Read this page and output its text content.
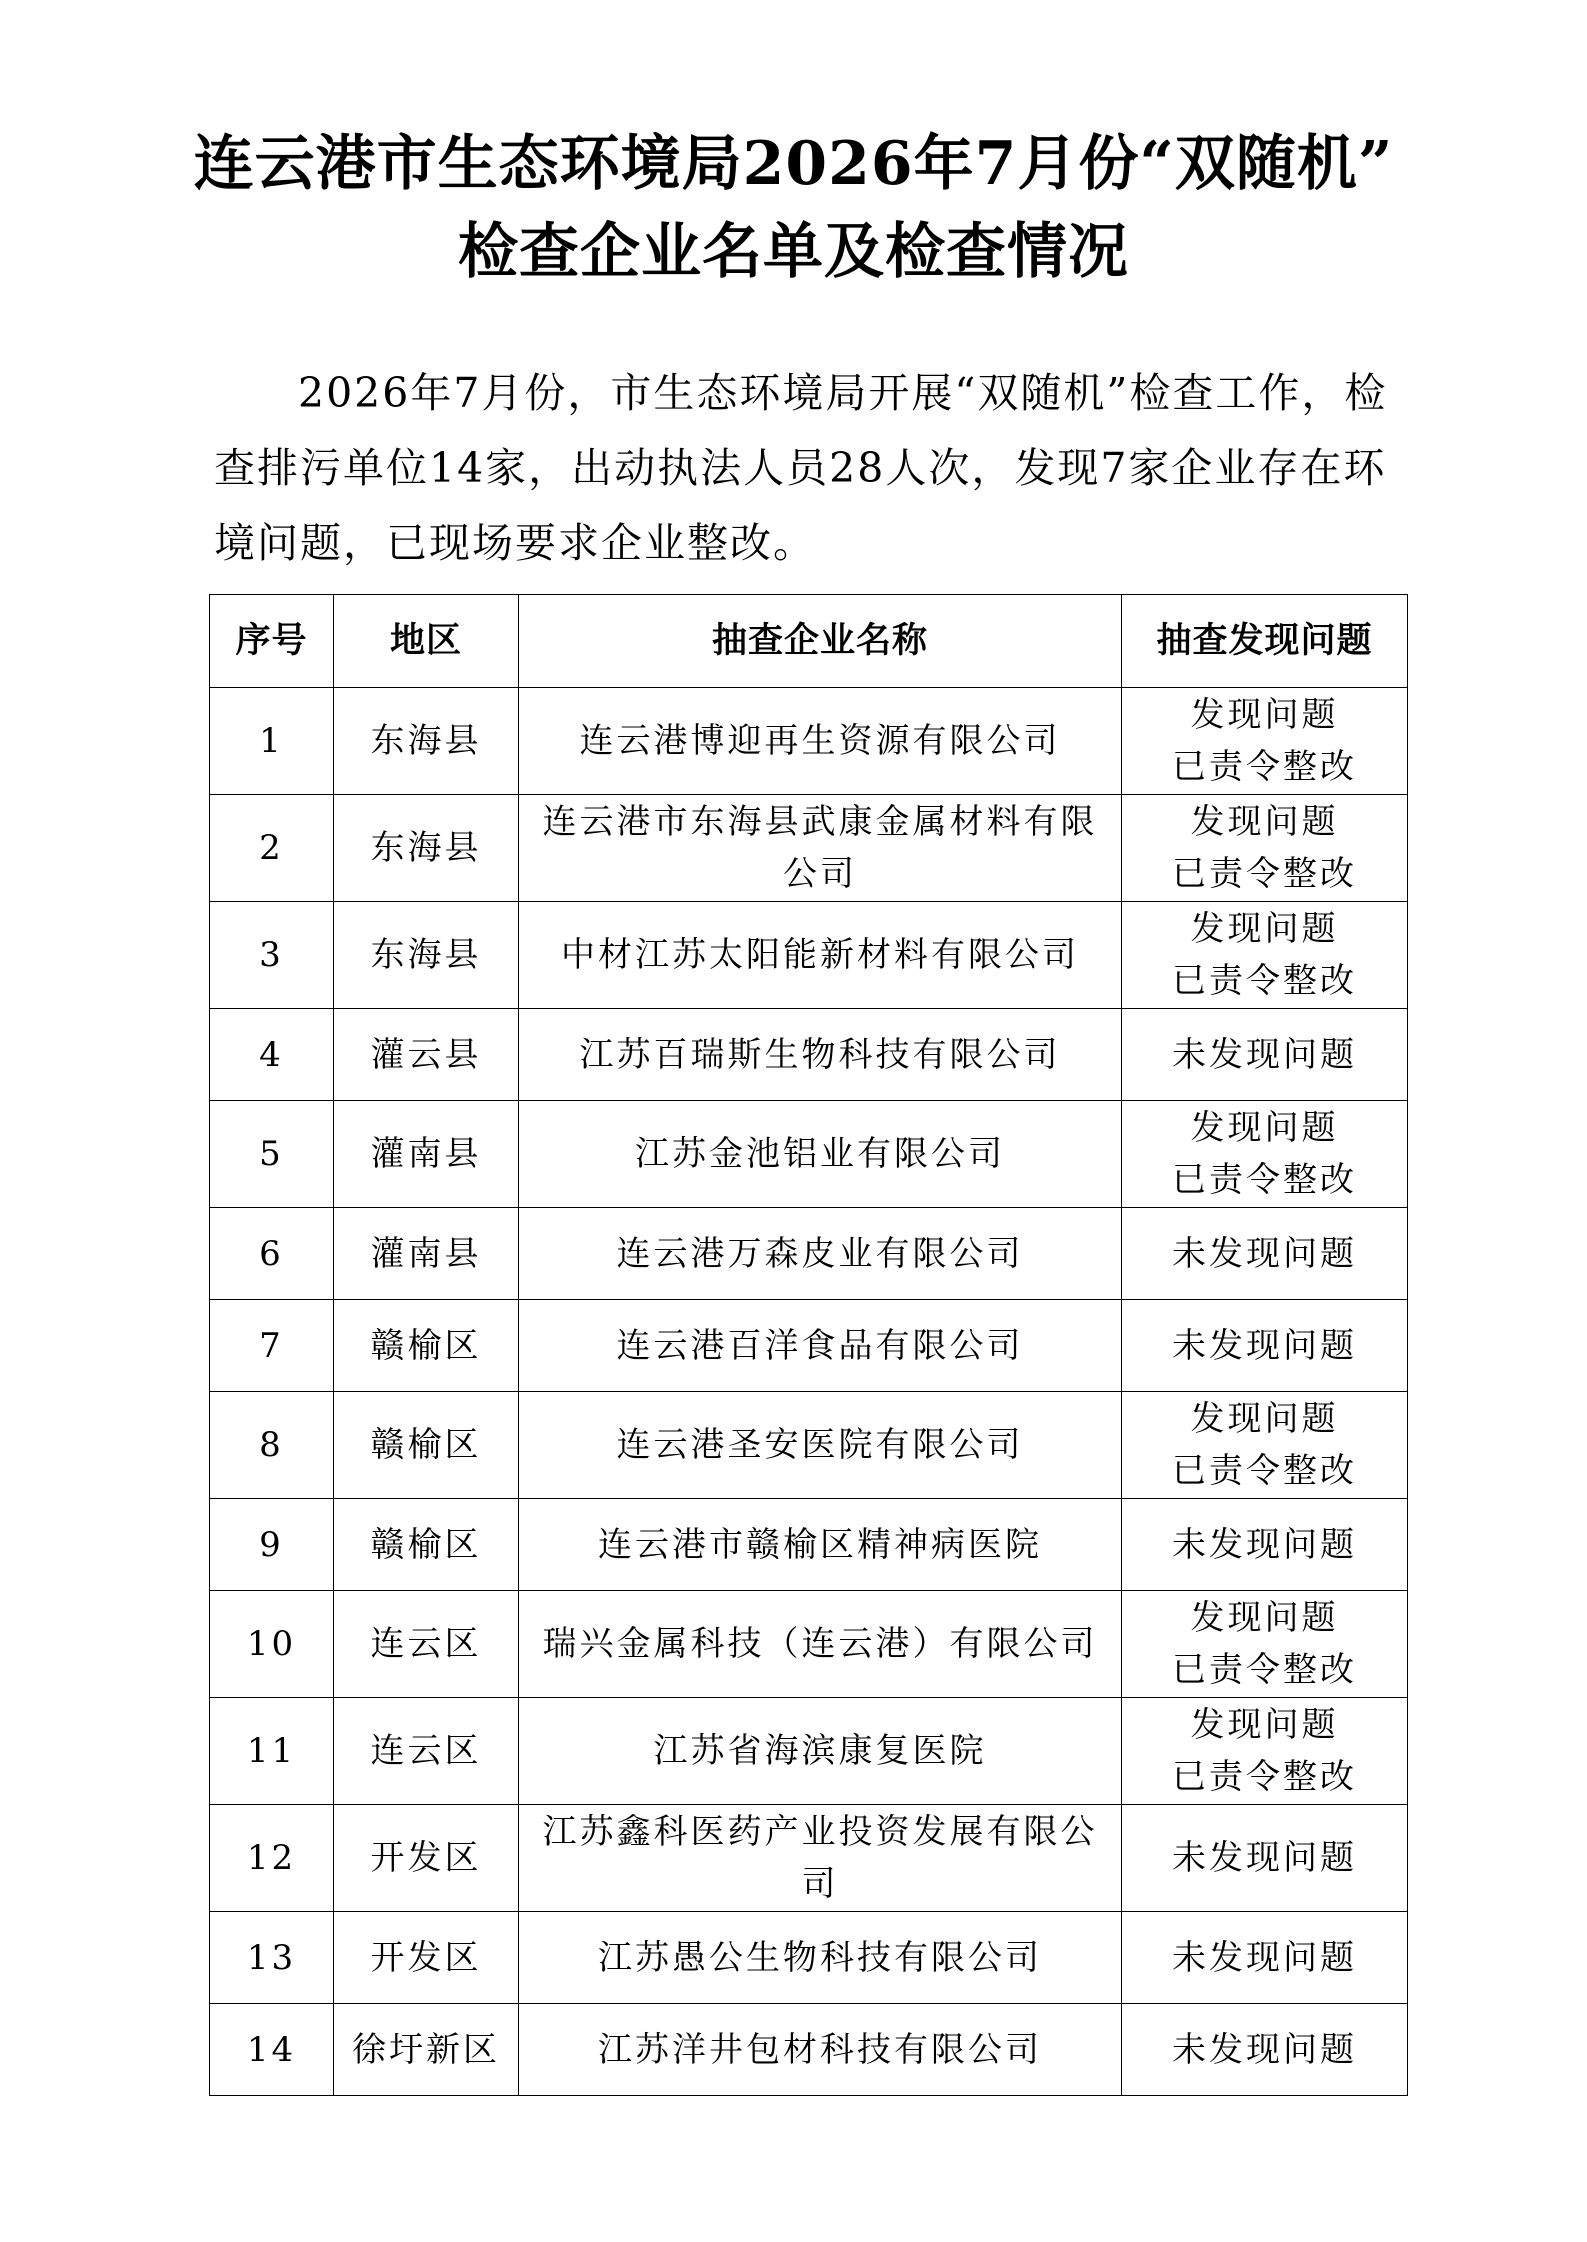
连云港市生态环境局2026年7月份“双随机”
检查企业名单及检查情况
2026年7月份，市生态环境局开展“双随机”检查工作，检查排污单位14家，出动执法人员28人次，发现7家企业存在环境问题，已现场要求企业整改。
序号	地区	抽查企业名称	抽查发现问题
1	东海县	连云港博迎再生资源有限公司	发现问题
已责令整改

2	东海县	连云港市东海县武康金属材料有限公司	发现问题
已责令整改

3	东海县	中材江苏太阳能新材料有限公司	发现问题
已责令整改

4	灌云县	江苏百瑞斯生物科技有限公司	未发现问题

5	灌南县	江苏金池铝业有限公司	发现问题
已责令整改

6	灌南县	连云港万森皮业有限公司	未发现问题

7	赣榆区	连云港百洋食品有限公司	未发现问题

8	赣榆区	连云港圣安医院有限公司	发现问题
已责令整改

9	赣榆区	连云港市赣榆区精神病医院	未发现问题

10	连云区	瑞兴金属科技（连云港）有限公司	发现问题
已责令整改

11	连云区	江苏省海滨康复医院	发现问题
已责令整改

12	开发区	江苏鑫科医药产业投资发展有限公司	未发现问题

13	开发区	江苏愚公生物科技有限公司	未发现问题

14	徐圩新区	江苏洋井包材科技有限公司	未发现问题
